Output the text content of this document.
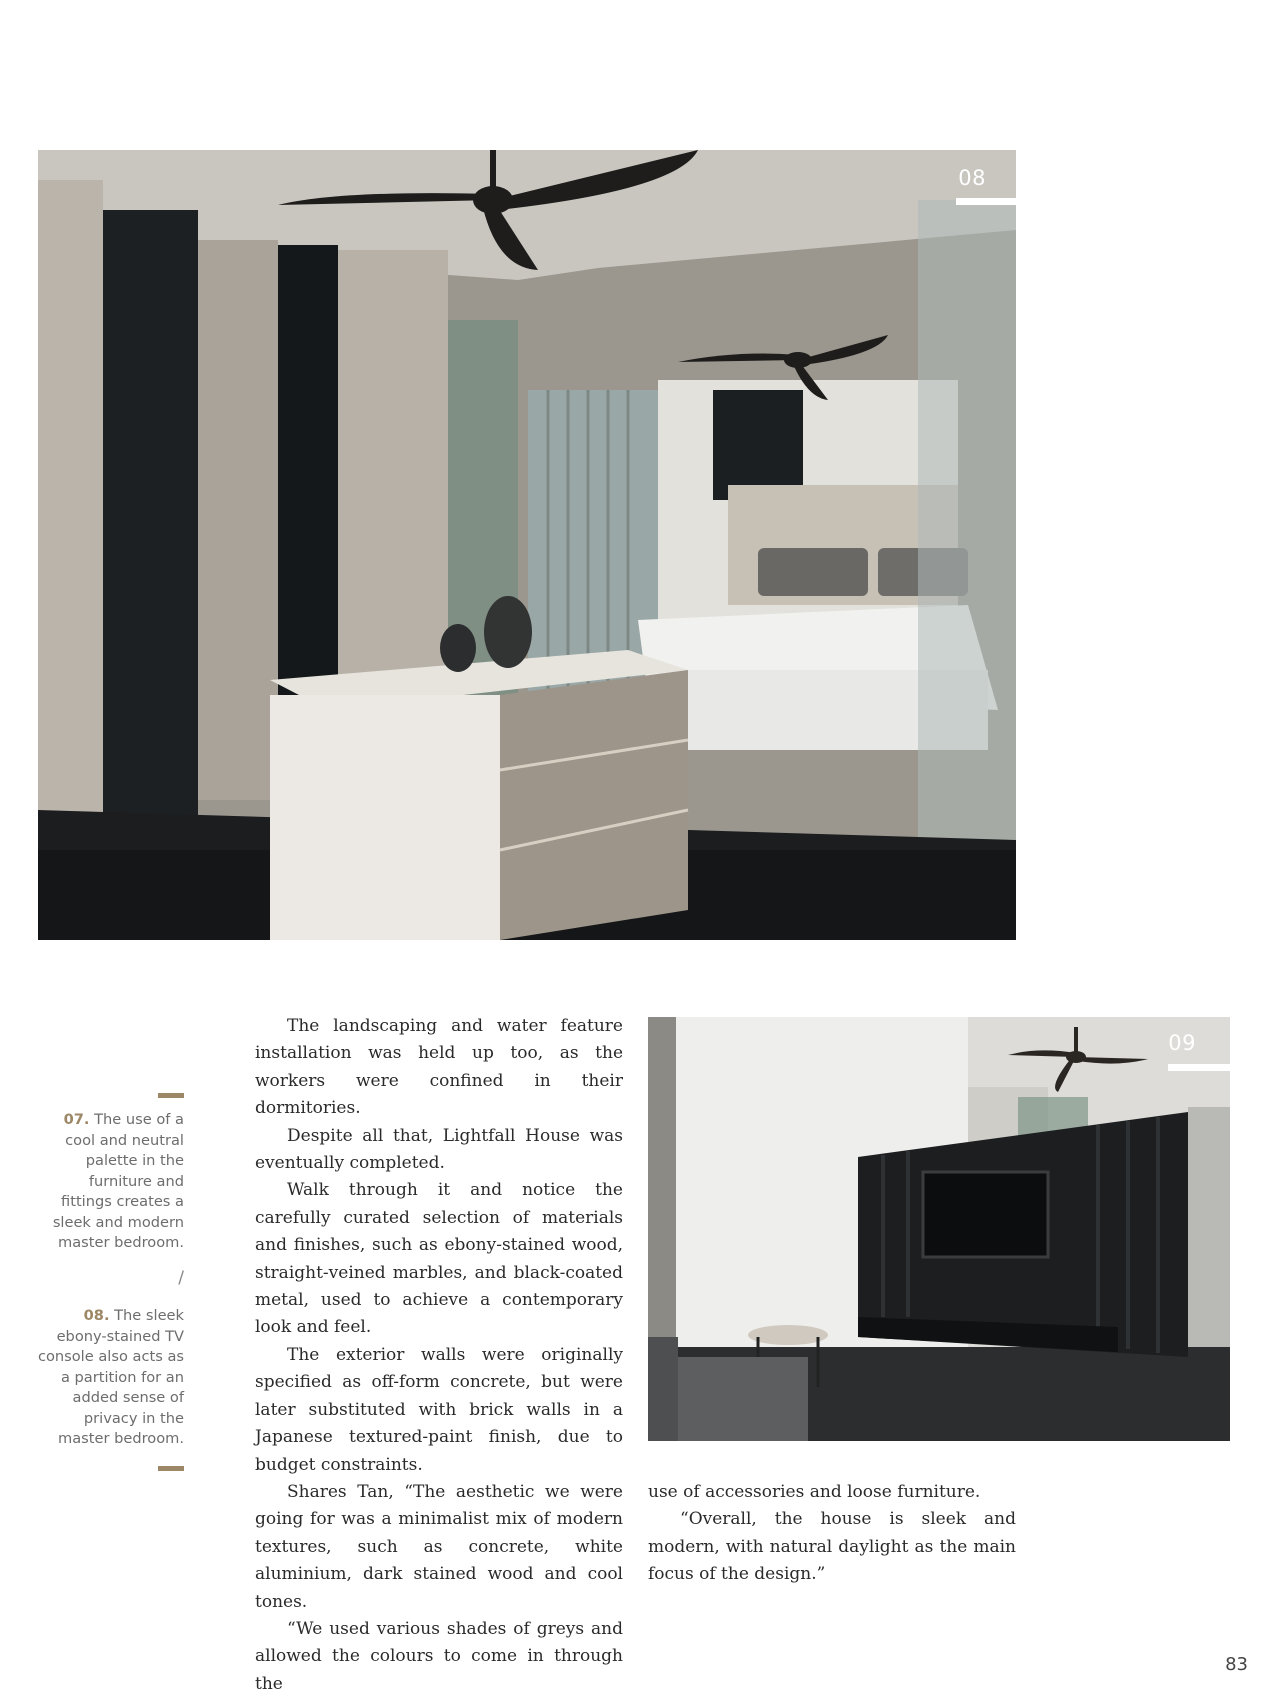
08
09

07. The use of a cool and neutral palette in the furniture and fittings creates a sleek and modern master bedroom.

/

08. The sleek ebony-stained TV console also acts as a partition for an added sense of privacy in the master bedroom.

The landscaping and water feature installation was held up too, as the workers were confined in their dormitories.

Despite all that, Lightfall House was eventually completed.

Walk through it and notice the carefully curated selection of materials and finishes, such as ebony-stained wood, straight-veined marbles, and black-coated metal, used to achieve a contemporary look and feel.

The exterior walls were originally specified as off-form concrete, but were later substituted with brick walls in a Japanese textured-paint finish, due to budget constraints.

Shares Tan, “The aesthetic we were going for was a minimalist mix of modern textures, such as concrete, white aluminium, dark stained wood and cool tones.

“We used various shades of greys and allowed the colours to come in through the

use of accessories and loose furniture.

“Overall, the house is sleek and modern, with natural daylight as the main focus of the design.”

83
